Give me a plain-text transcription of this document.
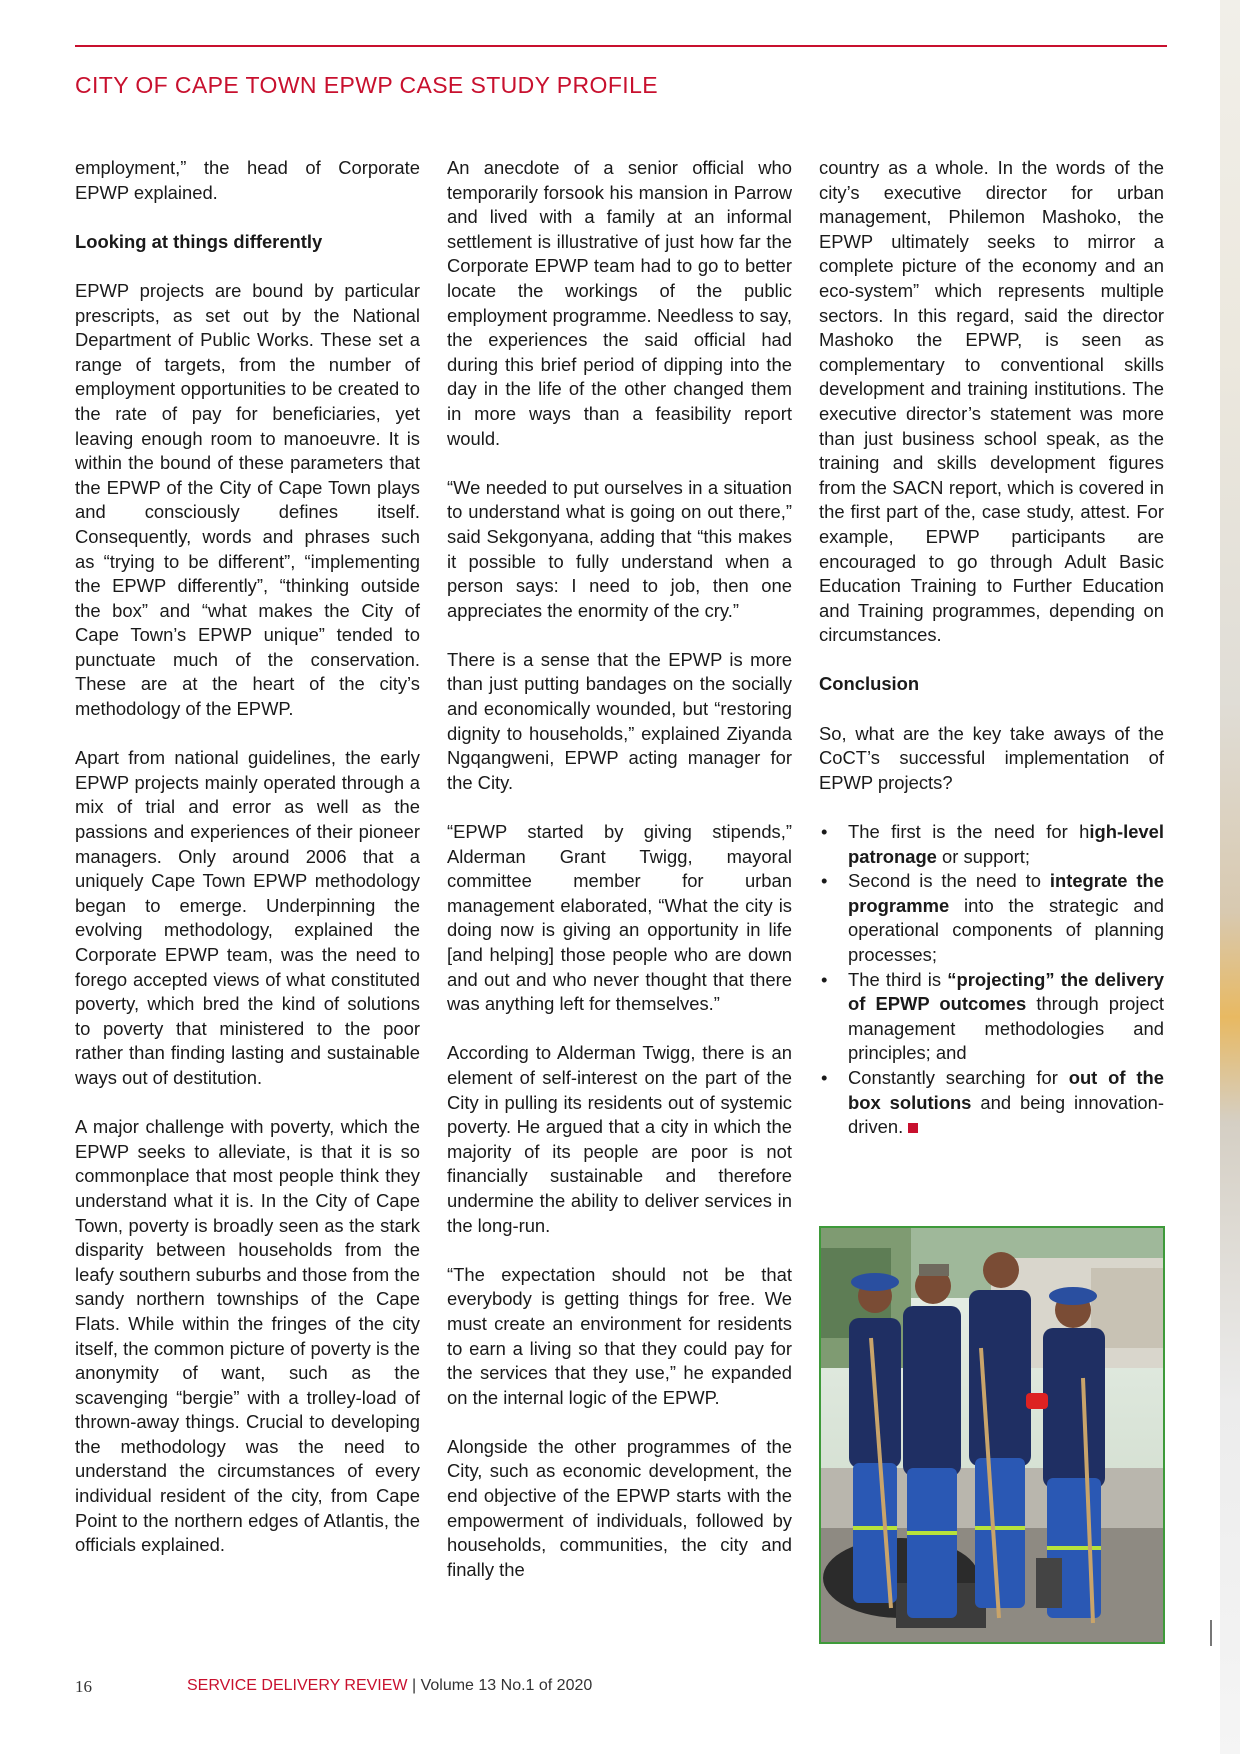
CITY OF CAPE TOWN EPWP CASE STUDY PROFILE

employment,” the head of Corporate EPWP explained.

Looking at things differently

EPWP projects are bound by particular prescripts, as set out by the National Department of Public Works. These set a range of targets, from the number of employment opportunities to be created to the rate of pay for beneficiaries, yet leaving enough room to manoeuvre. It is within the bound of these parameters that the EPWP of the City of Cape Town plays and consciously defines itself. Consequently, words and phrases such as “trying to be different”, “implementing the EPWP differently”, “thinking outside the box” and “what makes the City of Cape Town’s EPWP unique” tended to punctuate much of the conservation. These are at the heart of the city’s methodology of the EPWP.

Apart from national guidelines, the early EPWP projects mainly operated through a mix of trial and error as well as the passions and experiences of their pioneer managers. Only around 2006 that a uniquely Cape Town EPWP methodology began to emerge. Underpinning the evolving methodology, explained the Corporate EPWP team, was the need to forego accepted views of what constituted poverty, which bred the kind of solutions to poverty that ministered to the poor rather than finding lasting and sustainable ways out of destitution.

A major challenge with poverty, which the EPWP seeks to alleviate, is that it is so commonplace that most people think they understand what it is. In the City of Cape Town, poverty is broadly seen as the stark disparity between households from the leafy southern suburbs and those from the sandy northern townships of the Cape Flats. While within the fringes of the city itself, the common picture of poverty is the anonymity of want, such as the scavenging “bergie” with a trolley-load of thrown-away things. Crucial to developing the methodology was the need to understand the circumstances of every individual resident of the city, from Cape Point to the northern edges of Atlantis, the officials explained.

An anecdote of a senior official who temporarily forsook his mansion in Parrow and lived with a family at an informal settlement is illustrative of just how far the Corporate EPWP team had to go to better locate the workings of the public employment programme. Needless to say, the experiences the said official had during this brief period of dipping into the day in the life of the other changed them in more ways than a feasibility report would.

“We needed to put ourselves in a situation to understand what is going on out there,” said Sekgonyana, adding that “this makes it possible to fully understand when a person says: I need to job, then one appreciates the enormity of the cry.”

There is a sense that the EPWP is more than just putting bandages on the socially and economically wounded, but “restoring dignity to households,” explained Ziyanda Ngqangweni, EPWP acting manager for the City.

“EPWP started by giving stipends,” Alderman Grant Twigg, mayoral committee member for urban management elaborated, “What the city is doing now is giving an opportunity in life [and helping] those people who are down and out and who never thought that there was anything left for themselves.”

According to Alderman Twigg, there is an element of self-interest on the part of the City in pulling its residents out of systemic poverty. He argued that a city in which the majority of its people are poor is not financially sustainable and therefore undermine the ability to deliver services in the long-run.

“The expectation should not be that everybody is getting things for free. We must create an environment for residents to earn a living so that they could pay for the services that they use,” he expanded on the internal logic of the EPWP.

Alongside the other programmes of the City, such as economic development, the end objective of the EPWP starts with the empowerment of individuals, followed by households, communities, the city and finally the

country as a whole. In the words of the city’s executive director for urban management, Philemon Mashoko, the EPWP ultimately seeks to mirror a complete picture of the economy and an eco-system” which represents multiple sectors. In this regard, said the director Mashoko the EPWP, is seen as complementary to conventional skills development and training institutions. The executive director’s statement was more than just business school speak, as the training and skills development figures from the SACN report, which is covered in the first part of the, case study, attest. For example, EPWP participants are encouraged to go through Adult Basic Education Training to Further Education and Training programmes, depending on circumstances.

Conclusion

So, what are the key take aways of the CoCT’s successful implementation of EPWP projects?

• The first is the need for high-level patronage or support;
• Second is the need to integrate the programme into the strategic and operational components of planning processes;
• The third is “projecting” the delivery of EPWP outcomes through project management methodologies and principles; and
• Constantly searching for out of the box solutions and being innovation-driven.
16	SERVICE DELIVERY REVIEW | Volume 13 No.1 of 2020
